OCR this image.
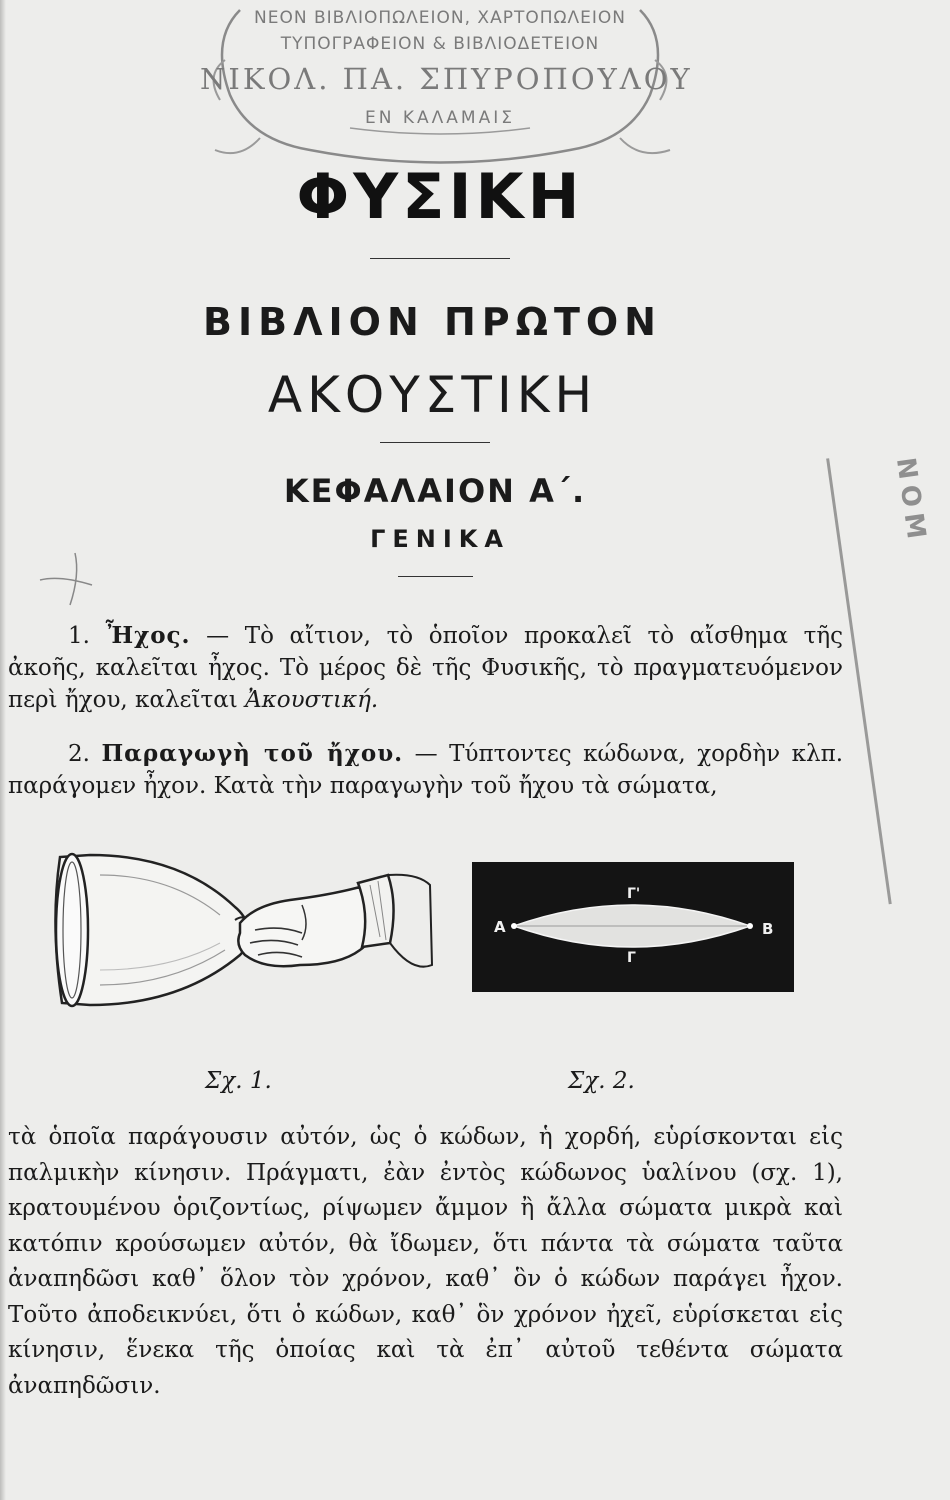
ΝΟΜ
ΝΕΟΝ ΒΙΒΛΙΟΠΩΛΕΙΟΝ, ΧΑΡΤΟΠΩΛΕΙΟΝ
ΤΥΠΟΓΡΑΦΕΙΟΝ & ΒΙΒΛΙΟΔΕΤΕΙΟΝ
ΝΙΚΟΛ. ΠΑ. ΣΠΥΡΟΠΟΥΛΟΥ
ΕΝ ΚΑΛΑΜΑΙΣ
ΦΥΣΙΚΗ
ΒΙΒΛΙΟΝ ΠΡΩΤΟΝ
ΑΚΟΥΣΤΙΚΗ
ΚΕΦΑΛΑΙΟΝ Α΄.
ΓΕΝΙΚΑ

1. Ἦχος. — Τὸ αἴτιον, τὸ ὁποῖον προκαλεῖ τὸ αἴσθημα τῆς ἀκοῆς, καλεῖται ἦχος. Τὸ μέρος δὲ τῆς Φυσικῆς, τὸ πραγματευόμενον περὶ ἤχου, καλεῖται Ἀκουστική.

2. Παραγωγὴ τοῦ ἤχου. — Τύπτοντες κώδωνα, χορδὴν κλπ. παράγομεν ἦχον. Κατὰ τὴν παραγωγὴν τοῦ ἤχου τὰ σώματα,

Α	Β
Γ'
Γ
Σχ. 1.	Σχ. 2.

τὰ ὁποῖα παράγουσιν αὐτόν, ὡς ὁ κώδων, ἡ χορδή, εὑρίσκονται εἰς παλμικὴν κίνησιν. Πράγματι, ἐὰν ἐντὸς κώδωνος ὑαλίνου (σχ. 1), κρατουμένου ὁριζοντίως, ρίψωμεν ἄμμον ἢ ἄλλα σώματα μικρὰ καὶ κατόπιν κρούσωμεν αὐτόν, θὰ ἴδωμεν, ὅτι πάντα τὰ σώματα ταῦτα ἀναπηδῶσι καθ᾽ ὅλον τὸν χρόνον, καθ᾽ ὃν ὁ κώδων παράγει ἦχον. Τοῦτο ἀποδεικνύει, ὅτι ὁ κώδων, καθ᾽ ὃν χρόνον ἠχεῖ, εὑρίσκεται εἰς κίνησιν, ἕνεκα τῆς ὁποίας καὶ τὰ ἐπ᾽ αὐτοῦ τεθέντα σώματα ἀναπηδῶσιν.
